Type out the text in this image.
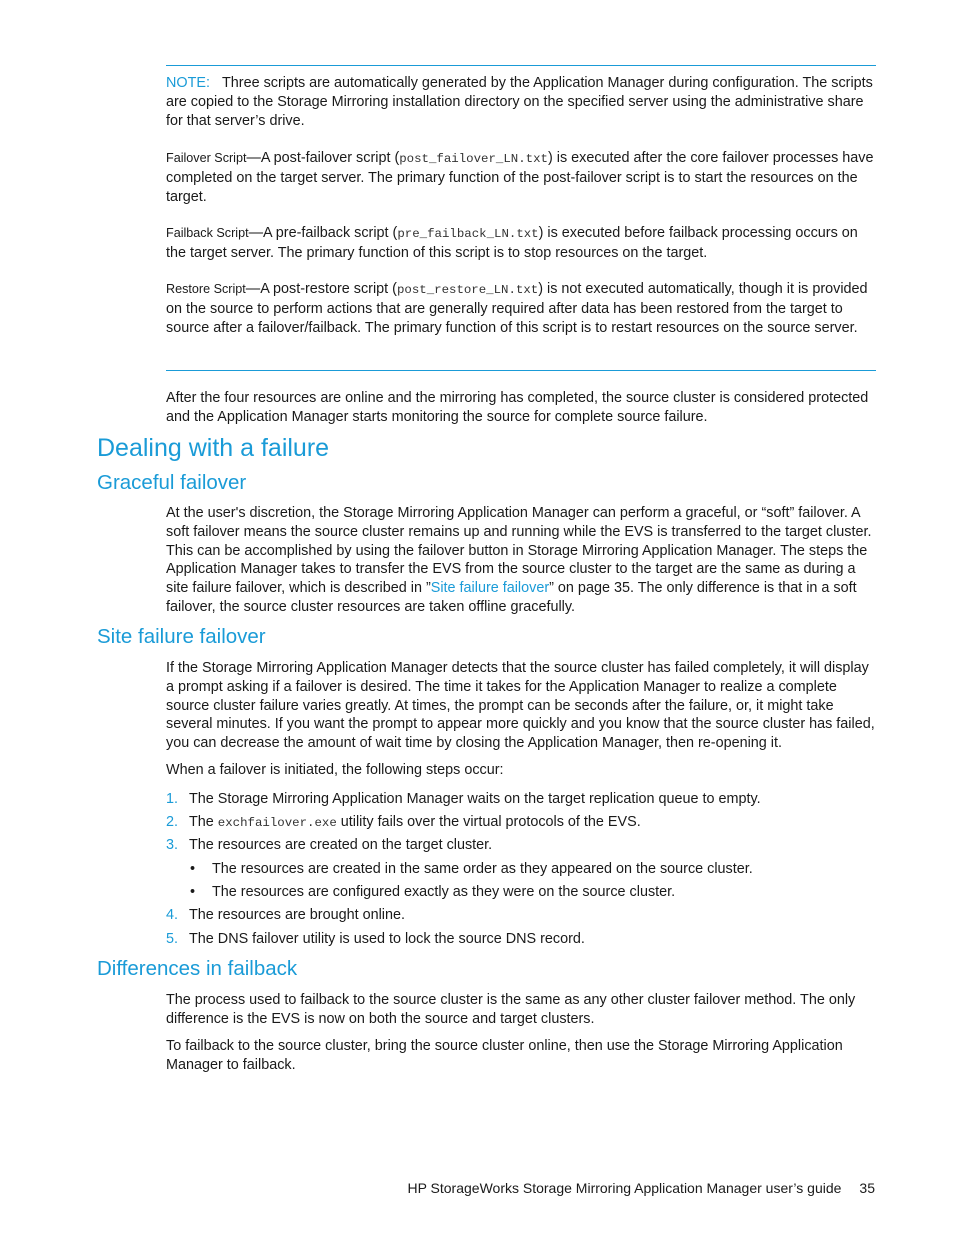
NOTE: Three scripts are automatically generated by the Application Manager during configuration. The scripts are copied to the Storage Mirroring installation directory on the specified server using the administrative share for that server’s drive.

Failover Script—A post-failover script (post_failover_LN.txt) is executed after the core failover processes have completed on the target server. The primary function of the post-failover script is to start the resources on the target.

Failback Script—A pre-failback script (pre_failback_LN.txt) is executed before failback processing occurs on the target server. The primary function of this script is to stop resources on the target.

Restore Script—A post-restore script (post_restore_LN.txt) is not executed automatically, though it is provided on the source to perform actions that are generally required after data has been restored from the target to source after a failover/failback. The primary function of this script is to restart resources on the source server.

After the four resources are online and the mirroring has completed, the source cluster is considered protected and the Application Manager starts monitoring the source for complete source failure.

Dealing with a failure
Graceful failover

At the user's discretion, the Storage Mirroring Application Manager can perform a graceful, or “soft” failover. A soft failover means the source cluster remains up and running while the EVS is transferred to the target cluster. This can be accomplished by using the failover button in Storage Mirroring Application Manager. The steps the Application Manager takes to transfer the EVS from the source cluster to the target are the same as during a site failure failover, which is described in ”Site failure failover” on page 35. The only difference is that in a soft failover, the source cluster resources are taken offline gracefully.

Site failure failover

If the Storage Mirroring Application Manager detects that the source cluster has failed completely, it will display a prompt asking if a failover is desired. The time it takes for the Application Manager to realize a complete source cluster failure varies greatly. At times, the prompt can be seconds after the failure, or, it might take several minutes. If you want the prompt to appear more quickly and you know that the source cluster has failed, you can decrease the amount of wait time by closing the Application Manager, then re-opening it.

When a failover is initiated, the following steps occur:

1. The Storage Mirroring Application Manager waits on the target replication queue to empty.
2. The exchfailover.exe utility fails over the virtual protocols of the EVS.
3. The resources are created on the target cluster.
• The resources are created in the same order as they appeared on the source cluster.
• The resources are configured exactly as they were on the source cluster.
4. The resources are brought online.
5. The DNS failover utility is used to lock the source DNS record.
Differences in failback

The process used to failback to the source cluster is the same as any other cluster failover method. The only difference is the EVS is now on both the source and target clusters.

To failback to the source cluster, bring the source cluster online, then use the Storage Mirroring Application Manager to failback.

HP StorageWorks Storage Mirroring Application Manager user’s guide 35
